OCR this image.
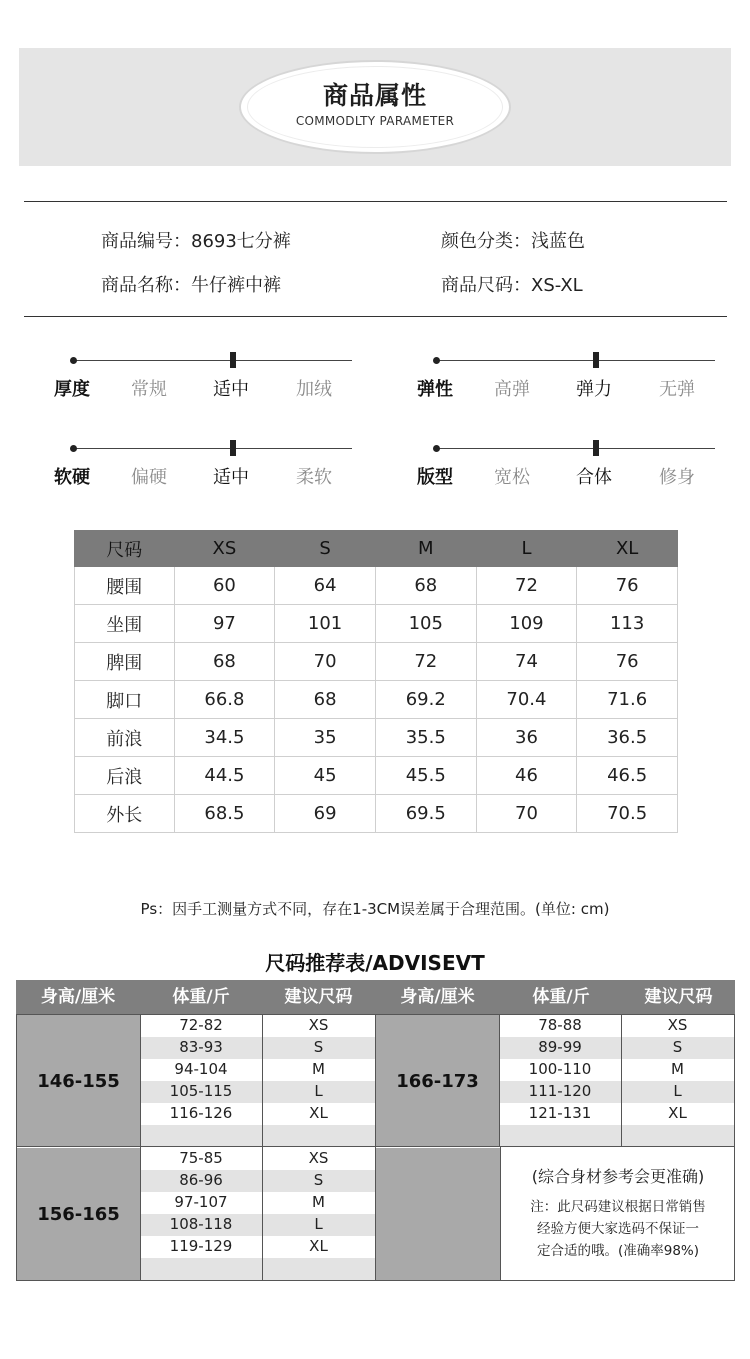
商品属性
COMMODLTY PARAMETER
商品编号：8693七分裤	颜色分类：浅蓝色
商品名称：牛仔裤中裤	商品尺码：XS-XL
厚度 常规	适中	加绒	弹性 高弹	弹力	无弹
软硬 偏硬	适中	柔软	版型 宽松	合体	修身
尺码	XS	S	M	L	XL
腰围	60	64	68	72	76
坐围	97	101	105	109	113
脾围	68	70	72	74	76
脚口	66.8	68	69.2	70.4	71.6
前浪	34.5	35	35.5	36	36.5
后浪	44.5	45	45.5	46	46.5
外长	68.5	69	69.5	70	70.5
Ps：因手工测量方式不同，存在1-3CM误差属于合理范围。(单位: cm)
尺码推荐表/ADVISEVT
身高/厘米	体重/斤	建议尺码	身高/厘米	体重/斤	建议尺码
146-155
72-82	XS
83-93	S
94-104	M
105-115	L
116-126	XL
166-173
78-88	XS
89-99	S
100-110	M
111-120	L
121-131	XL
156-165
75-85	XS
86-96	S
97-107	M
108-118	L
119-129	XL
(综合身材参考会更准确)
注：此尺码建议根据日常销售
经验方便大家选码不保证一
定合适的哦。(准确率98%)
